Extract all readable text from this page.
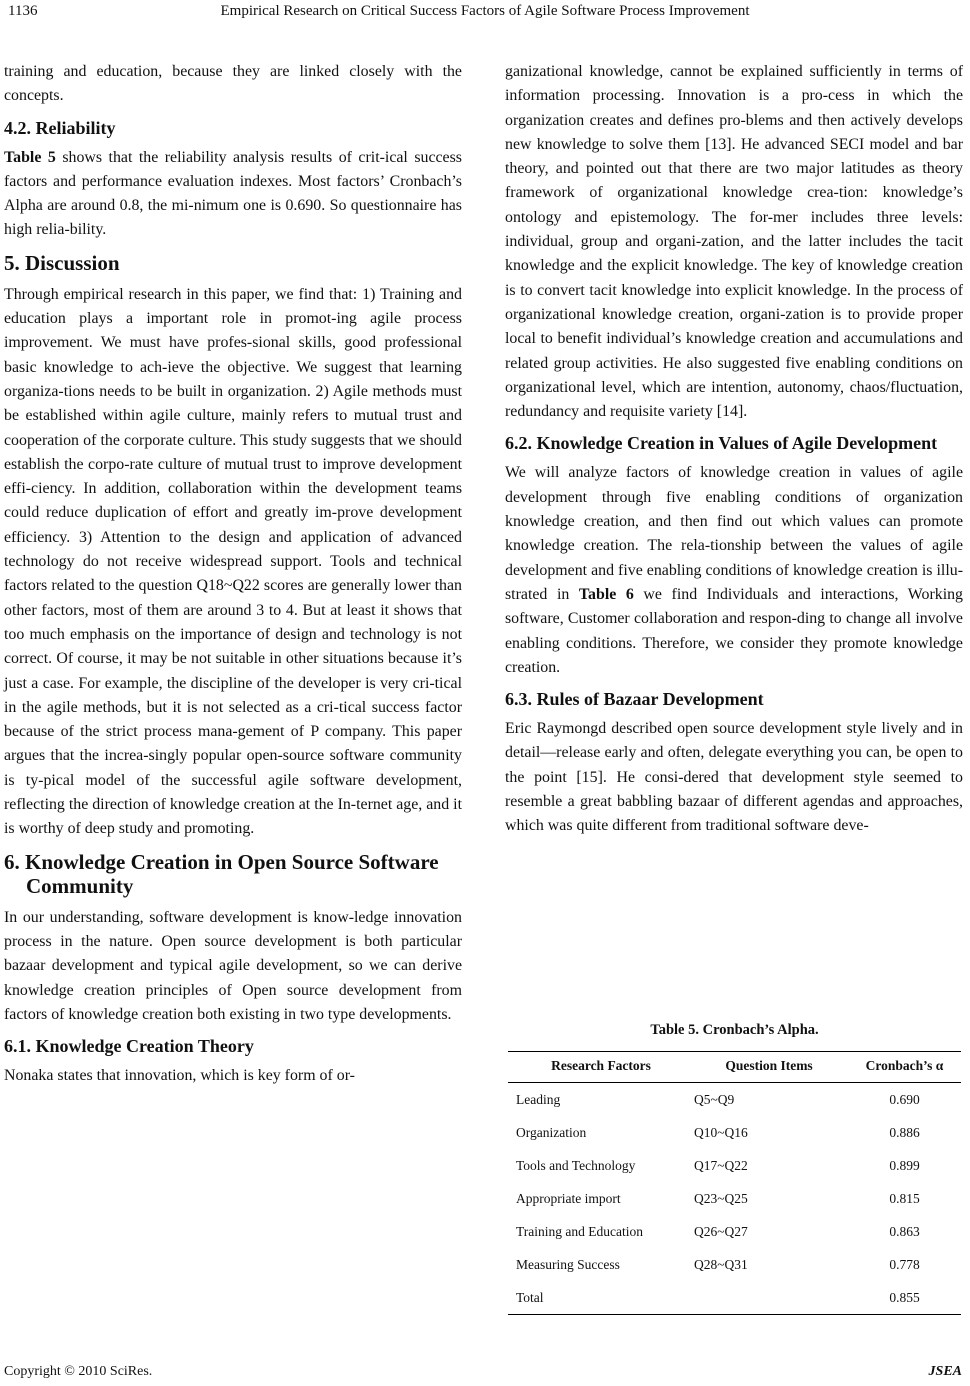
1136	Empirical Research on Critical Success Factors of Agile Software Process Improvement

training and education, because they are linked closely with the concepts.

4.2. Reliability

Table 5 shows that the reliability analysis results of crit-ical success factors and performance evaluation indexes. Most factors’ Cronbach’s Alpha are around 0.8, the mi-nimum one is 0.690. So questionnaire has high relia-bility.

5. Discussion

Through empirical research in this paper, we find that: 1) Training and education plays a important role in promot-ing agile process improvement. We must have profes-sional skills, good professional basic knowledge to ach-ieve the objective. We suggest that learning organiza-tions needs to be built in organization. 2) Agile methods must be established within agile culture, mainly refers to mutual trust and cooperation of the corporate culture. This study suggests that we should establish the corpo-rate culture of mutual trust to improve development effi-ciency. In addition, collaboration within the development teams could reduce duplication of effort and greatly im-prove development efficiency. 3) Attention to the design and application of advanced technology do not receive widespread support. Tools and technical factors related to the question Q18~Q22 scores are generally lower than other factors, most of them are around 3 to 4. But at least it shows that too much emphasis on the importance of design and technology is not correct. Of course, it may be not suitable in other situations because it’s just a case. For example, the discipline of the developer is very cri-tical in the agile methods, but it is not selected as a cri-tical success factor because of the strict process mana-gement of P company. This paper argues that the increa-singly popular open-source software community is ty-pical model of the successful agile software development, reflecting the direction of knowledge creation at the In-ternet age, and it is worthy of deep study and promoting.

6. Knowledge Creation in Open Source Software Community

In our understanding, software development is know-ledge innovation process in the nature. Open source development is both particular bazaar development and typical agile development, so we can derive knowledge creation principles of Open source development from factors of knowledge creation both existing in two type developments.

6.1. Knowledge Creation Theory

Nonaka states that innovation, which is key form of or-

ganizational knowledge, cannot be explained sufficiently in terms of information processing. Innovation is a pro-cess in which the organization creates and defines pro-blems and then actively develops new knowledge to solve them [13]. He advanced SECI model and bar theory, and pointed out that there are two major latitudes as theory framework of organizational knowledge crea-tion: knowledge’s ontology and epistemology. The for-mer includes three levels: individual, group and organi-zation, and the latter includes the tacit knowledge and the explicit knowledge. The key of knowledge creation is to convert tacit knowledge into explicit knowledge. In the process of organizational knowledge creation, organi-zation is to provide proper local to benefit individual’s knowledge creation and accumulations and related group activities. He also suggested five enabling conditions on organizational level, which are intention, autonomy, chaos/fluctuation, redundancy and requisite variety [14].

6.2. Knowledge Creation in Values of Agile Development

We will analyze factors of knowledge creation in values of agile development through five enabling conditions of organization knowledge creation, and then find out which values can promote knowledge creation. The rela-tionship between the values of agile development and five enabling conditions of knowledge creation is illu-strated in Table 6 we find Individuals and interactions, Working software, Customer collaboration and respon-ding to change all involve enabling conditions. Therefore, we consider they promote knowledge creation.

6.3. Rules of Bazaar Development

Eric Raymongd described open source development style lively and in detail—release early and often, delegate everything you can, be open to the point [15]. He consi-dered that development style seemed to resemble a great babbling bazaar of different agendas and approaches, which was quite different from traditional software deve-

Table 5. Cronbach’s Alpha.
Research Factors	Question Items	Cronbach’s α
Leading	Q5~Q9	0.690
Organization	Q10~Q16	0.886
Tools and Technology	Q17~Q22	0.899
Appropriate import	Q23~Q25	0.815
Training and Education	Q26~Q27	0.863
Measuring Success	Q28~Q31	0.778
Total		0.855
Copyright © 2010 SciRes.	JSEA
